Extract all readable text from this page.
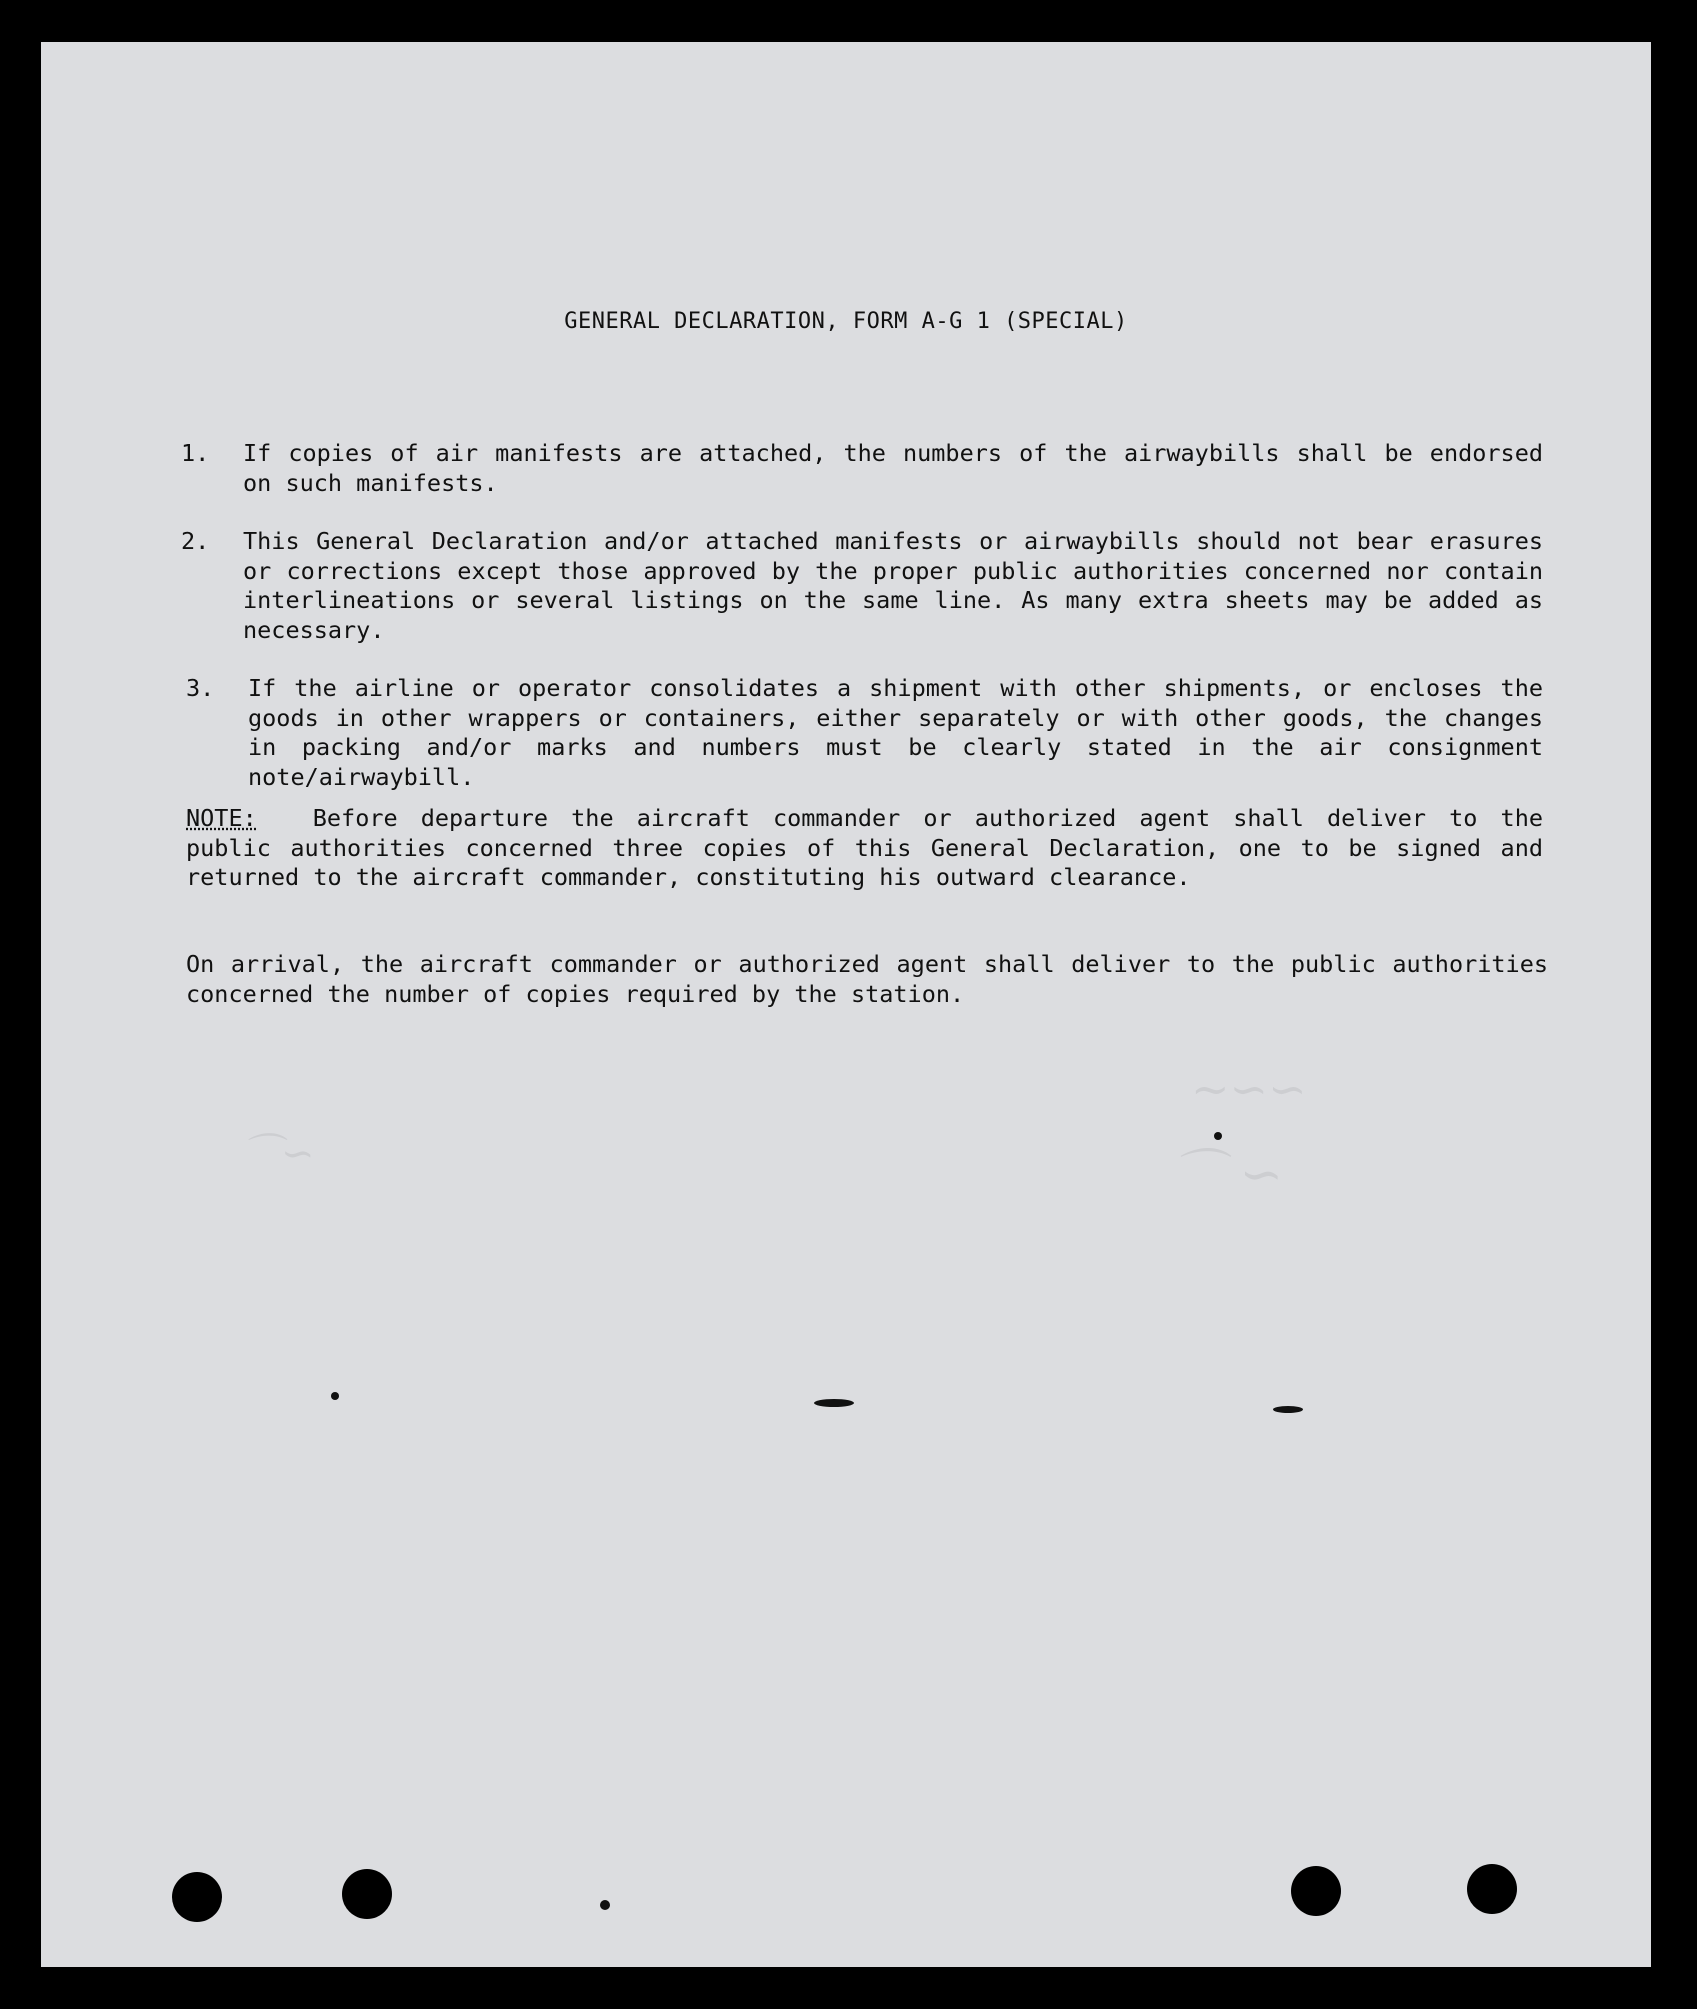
GENERAL DECLARATION, FORM A-G 1 (SPECIAL)
1.	If copies of air manifests are attached, the numbers of the airwaybills shall be endorsed on such manifests.

2.	This General Declaration and/or attached manifests or airwaybills should not bear erasures or corrections except those approved by the proper public authorities concerned nor contain interlineations or several listings on the same line. As many extra sheets may be added as necessary.

3.	If the airline or operator consolidates a shipment with other shipments, or encloses the goods in other wrappers or containers, either separately or with other goods, the changes in packing and/or marks and numbers must be clearly stated in the air consignment note/airwaybill.

NOTE: Before departure the aircraft commander or authorized agent shall deliver to the public authorities concerned three copies of this General Declaration, one to be signed and returned to the aircraft commander, constituting his outward clearance.

On arrival, the aircraft commander or authorized agent shall deliver to the public authorities concerned the number of copies required by the station.

~∽∽
⌒ ∽
⌒∽
